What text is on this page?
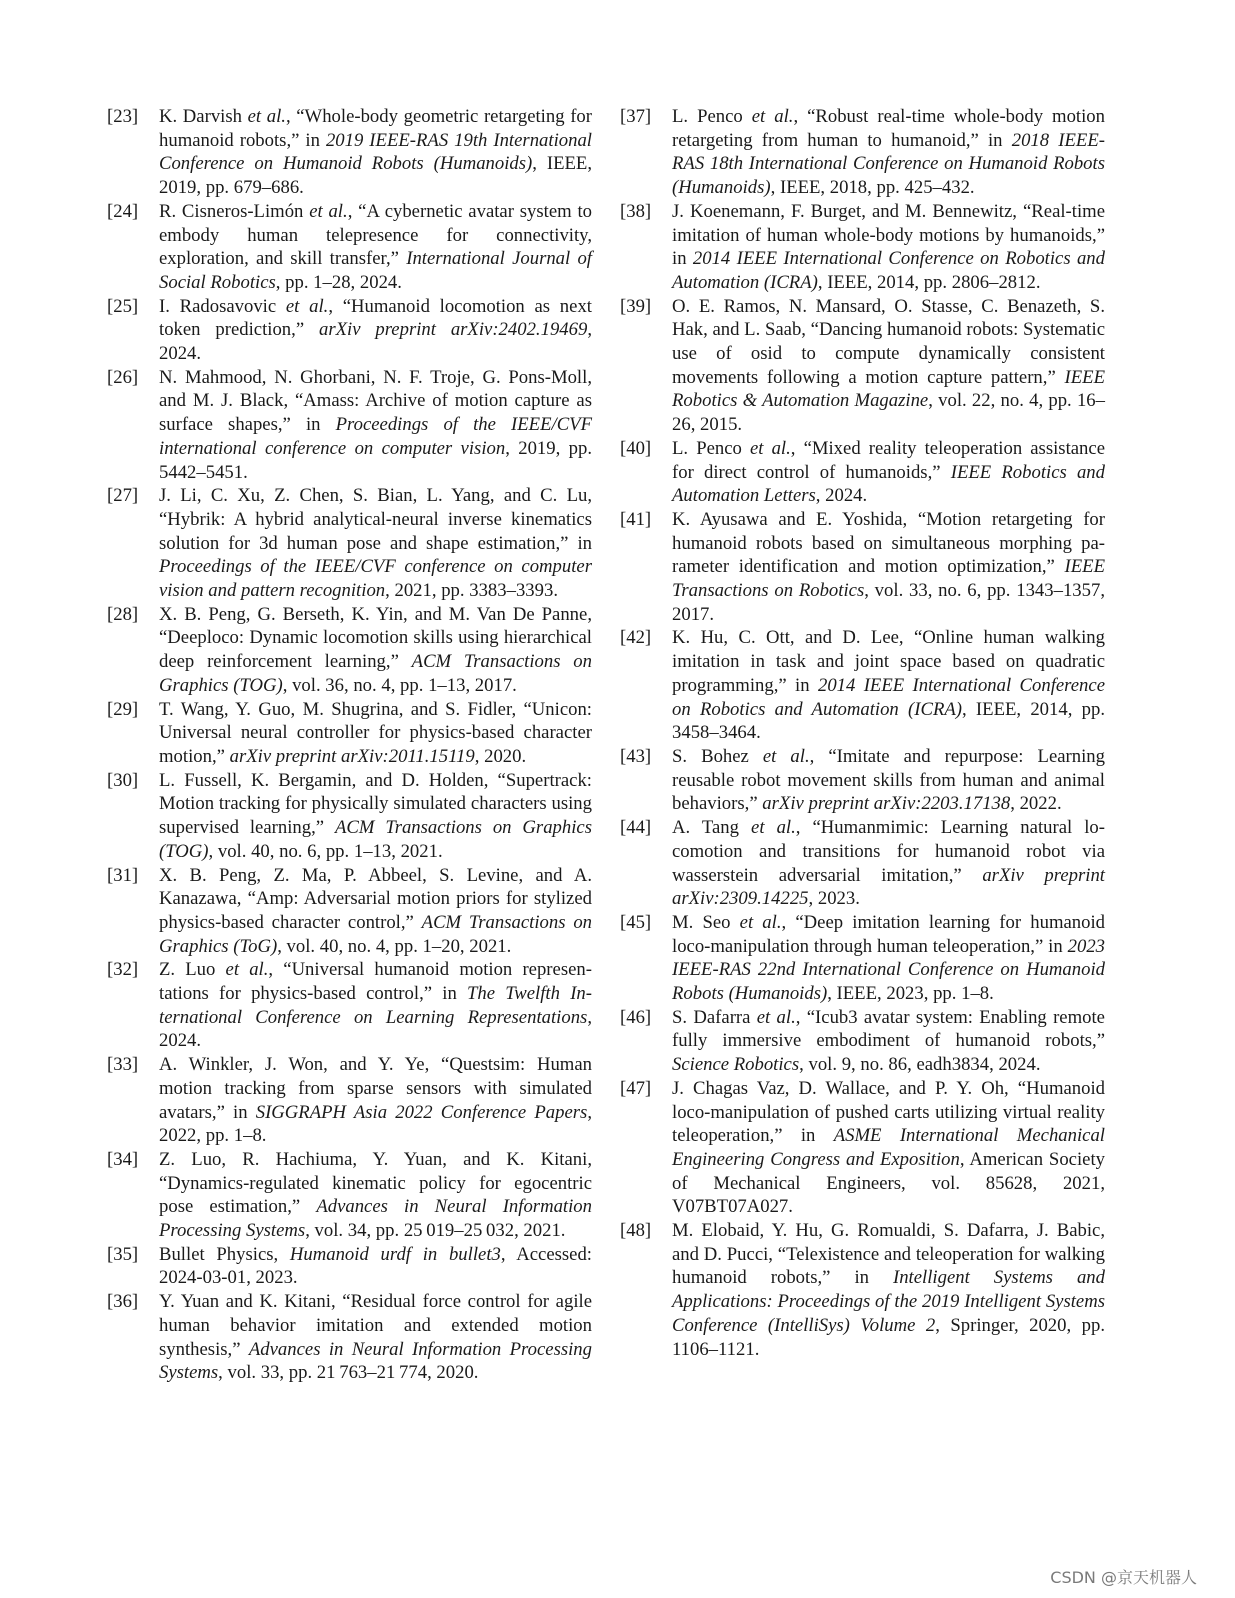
[23]	K. Darvish et al., “Whole-body geometric retargeting for humanoid robots,” in 2019 IEEE-RAS 19th International Conference on Humanoid Robots (Humanoids), IEEE, 2019, pp. 679–686.
[24]	R. Cisneros-Limón et al., “A cybernetic avatar system to embody human telepresence for connectivity, exploration, and skill transfer,” International Journal of Social Robotics, pp. 1–28, 2024.
[25]	I. Radosavovic et al., “Humanoid locomotion as next token prediction,” arXiv preprint arXiv:2402.19469, 2024.
[26]	N. Mahmood, N. Ghorbani, N. F. Troje, G. Pons-Moll, and M. J. Black, “Amass: Archive of motion capture as surface shapes,” in Proceedings of the IEEE/CVF international conference on computer vision, 2019, pp. 5442–5451.
[27]	J. Li, C. Xu, Z. Chen, S. Bian, L. Yang, and C. Lu, “Hybrik: A hybrid analytical-neural inverse kinematics solution for 3d human pose and shape estimation,” in Proceedings of the IEEE/CVF conference on computer vision and pattern recognition, 2021, pp. 3383–3393.
[28]	X. B. Peng, G. Berseth, K. Yin, and M. Van De Panne, “Deeploco: Dynamic locomotion skills using hierarchical deep reinforcement learning,” ACM Transactions on Graphics (TOG), vol. 36, no. 4, pp. 1–13, 2017.
[29]	T. Wang, Y. Guo, M. Shugrina, and S. Fidler, “Unicon: Universal neural controller for physics-based character motion,” arXiv preprint arXiv:2011.15119, 2020.
[30]	L. Fussell, K. Bergamin, and D. Holden, “Supertrack: Motion tracking for physically simulated characters using supervised learning,” ACM Transactions on Graphics (TOG), vol. 40, no. 6, pp. 1–13, 2021.
[31]	X. B. Peng, Z. Ma, P. Abbeel, S. Levine, and A. Kanazawa, “Amp: Adversarial motion priors for stylized physics-based character control,” ACM Transactions on Graphics (ToG), vol. 40, no. 4, pp. 1–20, 2021.
[32]	Z. Luo et al., “Universal humanoid motion representations for physics-based control,” in The Twelfth International Conference on Learning Representations, 2024.
[33]	A. Winkler, J. Won, and Y. Ye, “Questsim: Human motion tracking from sparse sensors with simulated avatars,” in SIGGRAPH Asia 2022 Conference Papers, 2022, pp. 1–8.
[34]	Z. Luo, R. Hachiuma, Y. Yuan, and K. Kitani, “Dynamics-regulated kinematic policy for egocentric pose estimation,” Advances in Neural Information Processing Systems, vol. 34, pp. 25 019–25 032, 2021.
[35]	Bullet Physics, Humanoid urdf in bullet3, Accessed: 2024-03-01, 2023.
[36]	Y. Yuan and K. Kitani, “Residual force control for agile human behavior imitation and extended motion synthesis,” Advances in Neural Information Processing Systems, vol. 33, pp. 21 763–21 774, 2020.
[37]	L. Penco et al., “Robust real-time whole-body motion retargeting from human to humanoid,” in 2018 IEEE-RAS 18th International Conference on Humanoid Robots (Humanoids), IEEE, 2018, pp. 425–432.
[38]	J. Koenemann, F. Burget, and M. Bennewitz, “Real-time imitation of human whole-body motions by humanoids,” in 2014 IEEE International Conference on Robotics and Automation (ICRA), IEEE, 2014, pp. 2806–2812.
[39]	O. E. Ramos, N. Mansard, O. Stasse, C. Benazeth, S. Hak, and L. Saab, “Dancing humanoid robots: Systematic use of osid to compute dynamically consistent movements following a motion capture pattern,” IEEE Robotics & Automation Magazine, vol. 22, no. 4, pp. 16–26, 2015.
[40]	L. Penco et al., “Mixed reality teleoperation assistance for direct control of humanoids,” IEEE Robotics and Automation Letters, 2024.
[41]	K. Ayusawa and E. Yoshida, “Motion retargeting for humanoid robots based on simultaneous morphing parameter identification and motion optimization,” IEEE Transactions on Robotics, vol. 33, no. 6, pp. 1343–1357, 2017.
[42]	K. Hu, C. Ott, and D. Lee, “Online human walking imitation in task and joint space based on quadratic programming,” in 2014 IEEE International Conference on Robotics and Automation (ICRA), IEEE, 2014, pp. 3458–3464.
[43]	S. Bohez et al., “Imitate and repurpose: Learning reusable robot movement skills from human and animal behaviors,” arXiv preprint arXiv:2203.17138, 2022.
[44]	A. Tang et al., “Humanmimic: Learning natural locomotion and transitions for humanoid robot via wasserstein adversarial imitation,” arXiv preprint arXiv:2309.14225, 2023.
[45]	M. Seo et al., “Deep imitation learning for humanoid loco-manipulation through human teleoperation,” in 2023 IEEE-RAS 22nd International Conference on Humanoid Robots (Humanoids), IEEE, 2023, pp. 1–8.
[46]	S. Dafarra et al., “Icub3 avatar system: Enabling remote fully immersive embodiment of humanoid robots,” Science Robotics, vol. 9, no. 86, eadh3834, 2024.
[47]	J. Chagas Vaz, D. Wallace, and P. Y. Oh, “Humanoid loco-manipulation of pushed carts utilizing virtual reality teleoperation,” in ASME International Mechanical Engineering Congress and Exposition, American Society of Mechanical Engineers, vol. 85628, 2021, V07BT07A027.
[48]	M. Elobaid, Y. Hu, G. Romualdi, S. Dafarra, J. Babic, and D. Pucci, “Telexistence and teleoperation for walking humanoid robots,” in Intelligent Systems and Applications: Proceedings of the 2019 Intelligent Systems Conference (IntelliSys) Volume 2, Springer, 2020, pp. 1106–1121.
CSDN @京天机器人
